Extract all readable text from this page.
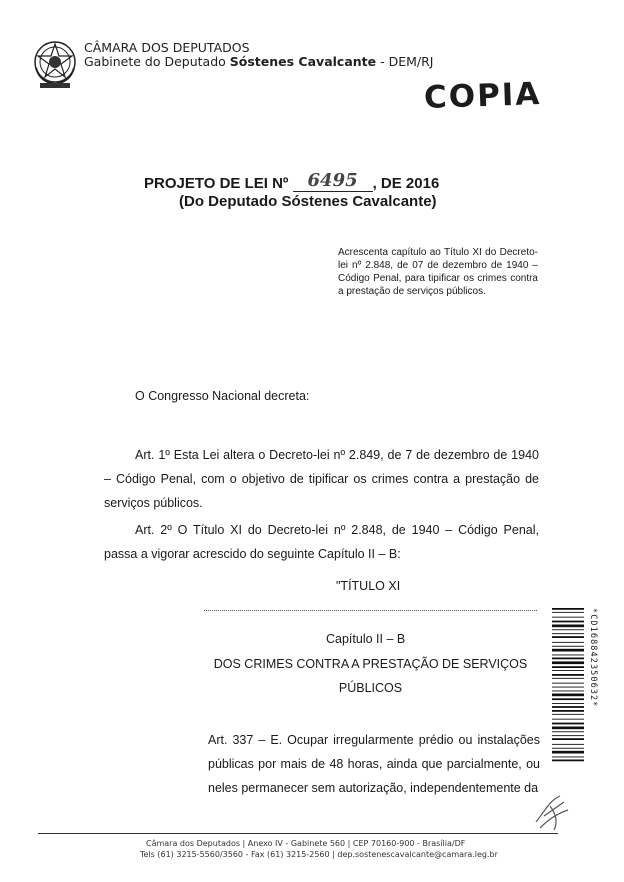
CÂMARA DOS DEPUTADOS
Gabinete do Deputado Sóstenes Cavalcante - DEM/RJ
COPIA
PROJETO DE LEI Nº 6495 , DE 2016
(Do Deputado Sóstenes Cavalcante)
Acrescenta capítulo ao Título XI do Decreto-lei nº 2.848, de 07 de dezembro de 1940 – Código Penal, para tipificar os crimes contra a prestação de serviços públicos.
O Congresso Nacional decreta:
Art. 1º Esta Lei altera o Decreto-lei nº 2.849, de 7 de dezembro de 1940 – Código Penal, com o objetivo de tipificar os crimes contra a prestação de serviços públicos.
Art. 2º O Título XI do Decreto-lei nº 2.848, de 1940 – Código Penal, passa a vigorar acrescido do seguinte Capítulo II – B:
"TÍTULO XI
Capítulo II – B
DOS CRIMES CONTRA A PRESTAÇÃO DE SERVIÇOS PÚBLICOS
Art. 337 – E. Ocupar irregularmente prédio ou instalações públicas por mais de 48 horas, ainda que parcialmente, ou neles permanecer sem autorização, independentemente da
*CD168842350632*
Câmara dos Deputados | Anexo IV - Gabinete 560 | CEP 70160-900 - Brasília/DF
Tels (61) 3215-5560/3560 - Fax (61) 3215-2560 | dep.sostenescavalcante@camara.leg.br
